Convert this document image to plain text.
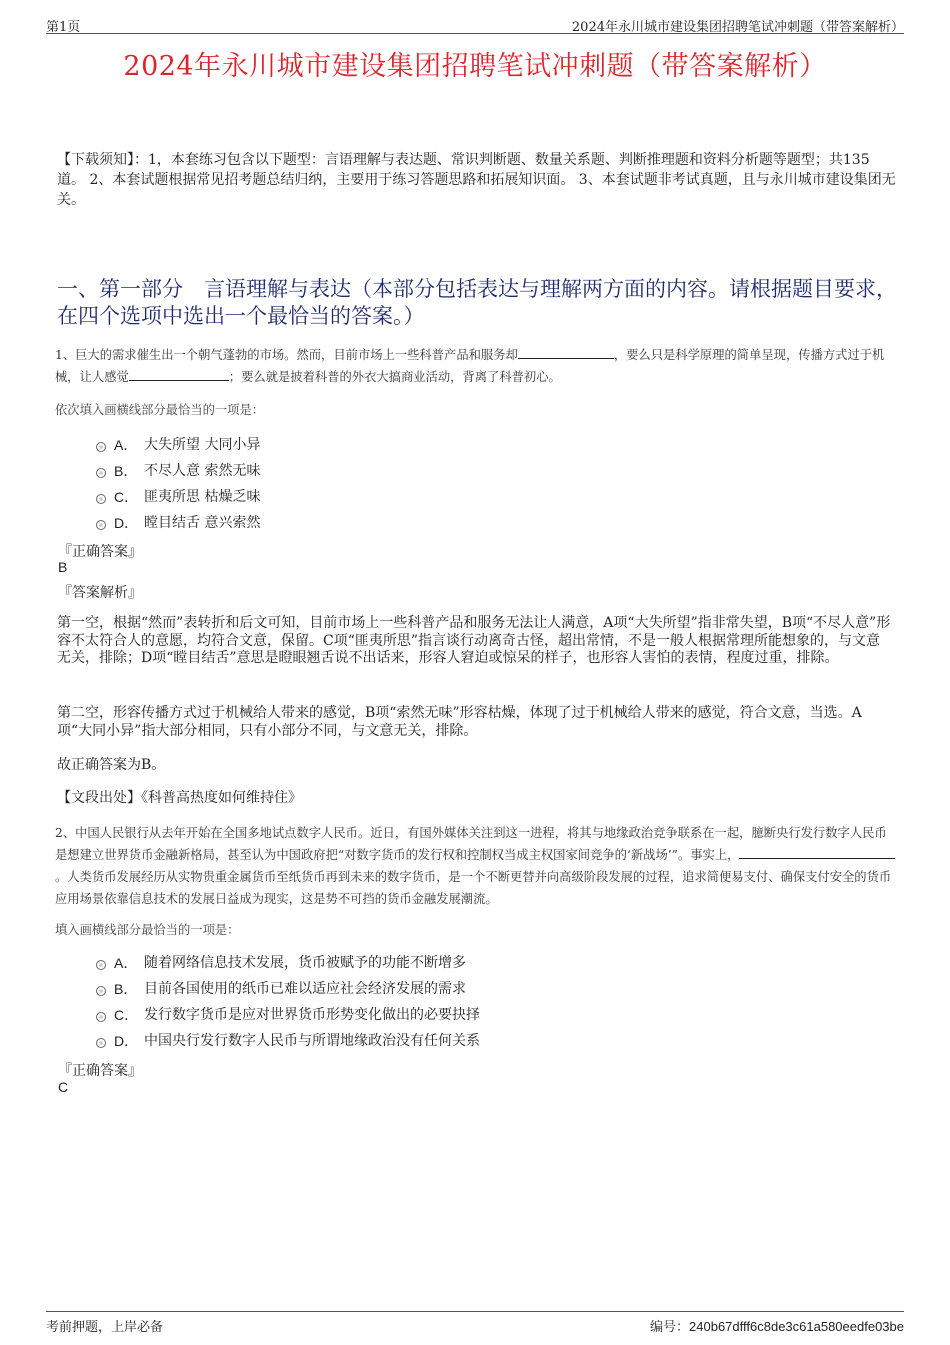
第1页	2024年永川城市建设集团招聘笔试冲刺题（带答案解析）
2024年永川城市建设集团招聘笔试冲刺题（带答案解析）
【下载须知】：1，本套练习包含以下题型：言语理解与表达题、常识判断题、数量关系题、判断推理题和资料分析题等题型；共135道。 2、本套试题根据常见招考题总结归纳，主要用于练习答题思路和拓展知识面。 3、本套试题非考试真题，且与永川城市建设集团无关。
一、第一部分　言语理解与表达（本部分包括表达与理解两方面的内容。请根据题目要求，在四个选项中选出一个最恰当的答案。）
1、巨大的需求催生出一个朝气蓬勃的市场。然而，目前市场上一些科普产品和服务却	，要么只是科学原理的简单呈现，传播方式过于机械，让人感觉	；要么就是披着科普的外衣大搞商业活动，背离了科普初心。
依次填入画横线部分最恰当的一项是：
A． 大失所望 大同小异
B． 不尽人意 索然无味
C． 匪夷所思 枯燥乏味
D． 瞠目结舌 意兴索然
『正确答案』
B
『答案解析』
第一空，根据“然而”表转折和后文可知，目前市场上一些科普产品和服务无法让人满意，A项“大失所望”指非常失望，B项“不尽人意”形容不太符合人的意愿，均符合文意，保留。C项“匪夷所思”指言谈行动离奇古怪，超出常情，不是一般人根据常理所能想象的，与文意无关，排除；D项“瞠目结舌”意思是瞪眼翘舌说不出话来，形容人窘迫或惊呆的样子，也形容人害怕的表情，程度过重，排除。
第二空，形容传播方式过于机械给人带来的感觉，B项“索然无味”形容枯燥，体现了过于机械给人带来的感觉，符合文意，当选。A项“大同小异”指大部分相同，只有小部分不同，与文意无关，排除。
故正确答案为B。
【文段出处】《科普高热度如何维持住》
2、中国人民银行从去年开始在全国多地试点数字人民币。近日，有国外媒体关注到这一进程，将其与地缘政治竞争联系在一起，臆断央行发行数字人民币是想建立世界货币金融新格局，甚至认为中国政府把“对数字货币的发行权和控制权当成主权国家间竞争的‘新战场’”。事实上，。人类货币发展经历从实物贵重金属货币至纸货币再到未来的数字货币，是一个不断更替并向高级阶段发展的过程，追求简便易支付、确保支付安全的货币应用场景依靠信息技术的发展日益成为现实，这是势不可挡的货币金融发展潮流。
填入画横线部分最恰当的一项是：
A． 随着网络信息技术发展，货币被赋予的功能不断增多
B． 目前各国使用的纸币已难以适应社会经济发展的需求
C． 发行数字货币是应对世界货币形势变化做出的必要抉择
D． 中国央行发行数字人民币与所谓地缘政治没有任何关系
『正确答案』
C
考前押题，上岸必备	编号：240b67dfff6c8de3c61a580eedfe03be
